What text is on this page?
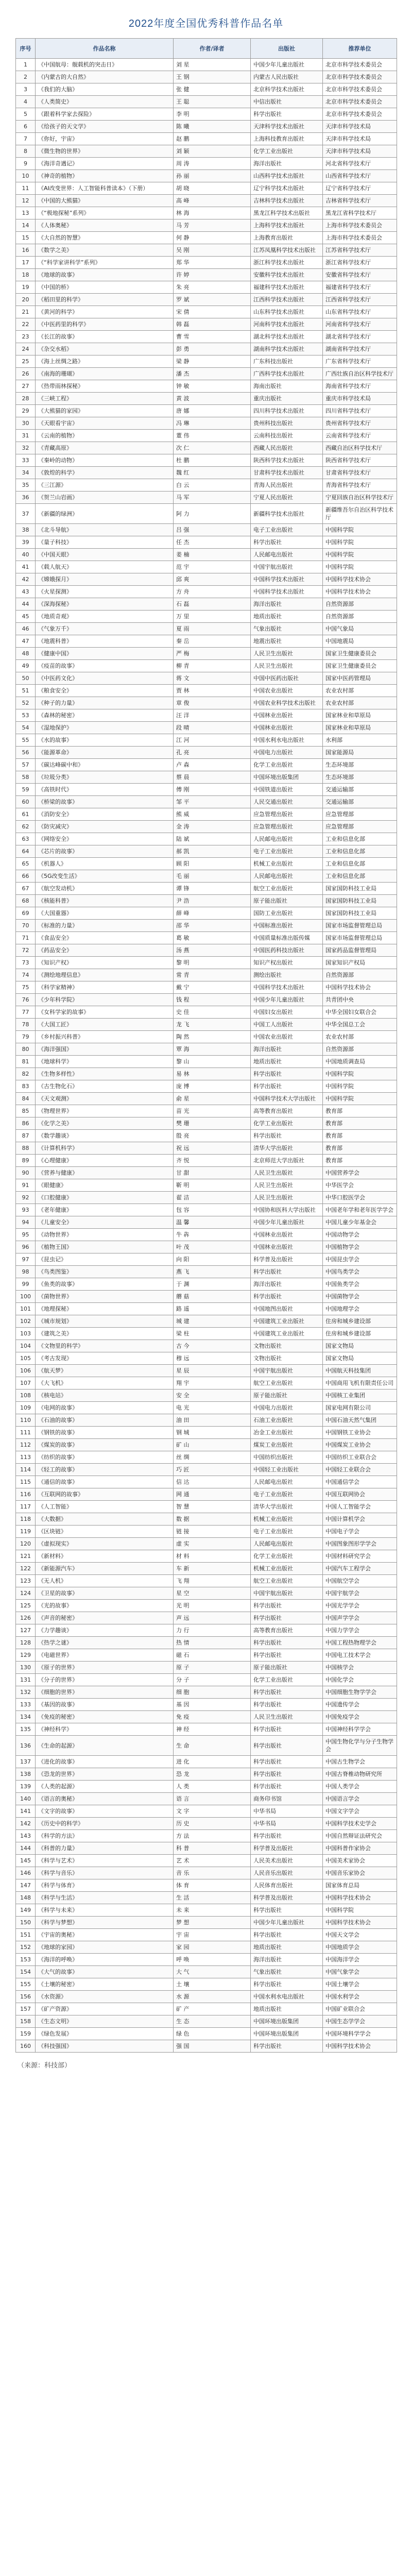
2022年度全国优秀科普作品名单
序号	作品名称	作者/译者	出版社	推荐单位
1	《中国航母：舰载机的突击日》	刘 星	中国少年儿童出版社	北京市科学技术委员会
2	《内蒙古的大自然》	王 钢	内蒙古人民出版社	北京市科学技术委员会
3	《我们的大脑》	张 健	北京科学技术出版社	北京市科学技术委员会
4	《人类简史》	王 聪	中信出版社	北京市科学技术委员会
5	《跟着科学家去探险》	李 明	科学出版社	北京市科学技术委员会
6	《给孩子的天文学》	陈 曦	天津科学技术出版社	天津市科学技术局
7	《你好，宇宙》	赵 鹏	上海科技教育出版社	天津市科学技术局
8	《微生物的世界》	刘 颖	化学工业出版社	天津市科学技术局
9	《海洋奇遇记》	周 涛	海洋出版社	河北省科学技术厅
10	《神奇的植物》	孙 丽	山西科学技术出版社	山西省科学技术厅
11	《AI改变世界：人工智能科普读本》（下册）	胡 晓	辽宁科学技术出版社	辽宁省科学技术厅
12	《中国的大熊猫》	高 峰	吉林科学技术出版社	吉林省科学技术厅
13	《“极地探秘”系列》	林 海	黑龙江科学技术出版社	黑龙江省科学技术厅
14	《人体奥秘》	马 芳	上海科学技术出版社	上海市科学技术委员会
15	《大自然的智慧》	何 静	上海教育出版社	上海市科学技术委员会
16	《数学之美》	吴 刚	江苏凤凰科学技术出版社	江苏省科学技术厅
17	《“科学家讲科学”系列》	郑 华	浙江科学技术出版社	浙江省科学技术厅
18	《地球的故事》	许 婷	安徽科学技术出版社	安徽省科学技术厅
19	《中国的桥》	朱 亮	福建科学技术出版社	福建省科学技术厅
20	《稻田里的科学》	罗 斌	江西科学技术出版社	江西省科学技术厅
21	《黄河的科学》	宋 倩	山东科学技术出版社	山东省科学技术厅
22	《中医药里的科学》	韩 磊	河南科学技术出版社	河南省科学技术厅
23	《长江的故事》	曹 雪	湖北科学技术出版社	湖北省科学技术厅
24	《杂交水稻》	彭 勇	湖南科学技术出版社	湖南省科学技术厅
25	《海上丝绸之路》	梁 静	广东科技出版社	广东省科学技术厅
26	《南海的珊瑚》	潘 杰	广西科学技术出版社	广西壮族自治区科学技术厅
27	《热带雨林探秘》	钟 敏	海南出版社	海南省科学技术厅
28	《三峡工程》	黄 波	重庆出版社	重庆市科学技术局
29	《大熊猫的家园》	唐 娜	四川科学技术出版社	四川省科学技术厅
30	《天眼看宇宙》	冯 琳	贵州科技出版社	贵州省科学技术厅
31	《云南的植物》	董 伟	云南科技出版社	云南省科学技术厅
32	《青藏高原》	次 仁	西藏人民出版社	西藏自治区科学技术厅
33	《秦岭的动物》	杜 鹏	陕西科学技术出版社	陕西省科学技术厅
34	《敦煌的科学》	魏 红	甘肃科学技术出版社	甘肃省科学技术厅
35	《三江源》	白 云	青海人民出版社	青海省科学技术厅
36	《贺兰山岩画》	马 军	宁夏人民出版社	宁夏回族自治区科学技术厅
37	《新疆的绿洲》	阿 力	新疆科学技术出版社	新疆维吾尔自治区科学技术厅
38	《北斗导航》	吕 强	电子工业出版社	中国科学院
39	《量子科技》	任 杰	科学出版社	中国科学院
40	《中国天眼》	姜 楠	人民邮电出版社	中国科学院
41	《载人航天》	范 宇	中国宇航出版社	中国科学院
42	《嫦娥探月》	邱 爽	中国科学技术出版社	中国科学技术协会
43	《火星探测》	方 舟	中国科学技术出版社	中国科学技术协会
44	《深海探秘》	石 磊	海洋出版社	自然资源部
45	《地质奇观》	万 里	地质出版社	自然资源部
46	《气象万千》	夏 雨	气象出版社	中国气象局
47	《地震科普》	秦 岳	地震出版社	中国地震局
48	《健康中国》	严 梅	人民卫生出版社	国家卫生健康委员会
49	《疫苗的故事》	柳 青	人民卫生出版社	国家卫生健康委员会
50	《中医药文化》	蒋 文	中国中医药出版社	国家中医药管理局
51	《粮食安全》	贾 林	中国农业出版社	农业农村部
52	《种子的力量》	章 俊	中国农业科学技术出版社	农业农村部
53	《森林的秘密》	汪 洋	中国林业出版社	国家林业和草原局
54	《湿地保护》	段 晴	中国林业出版社	国家林业和草原局
55	《水的故事》	江 河	中国水利水电出版社	水利部
56	《能源革命》	孔 亮	中国电力出版社	国家能源局
57	《碳达峰碳中和》	卢 森	化学工业出版社	生态环境部
58	《垃圾分类》	蔡 晨	中国环境出版集团	生态环境部
59	《高铁时代》	傅 刚	中国铁道出版社	交通运输部
60	《桥梁的故事》	邹 平	人民交通出版社	交通运输部
61	《消防安全》	熊 威	应急管理出版社	应急管理部
62	《防灾减灾》	金 涛	应急管理出版社	应急管理部
63	《网络安全》	陆 斌	人民邮电出版社	工业和信息化部
64	《芯片的故事》	郝 凯	电子工业出版社	工业和信息化部
65	《机器人》	顾 阳	机械工业出版社	工业和信息化部
66	《5G改变生活》	毛 丽	人民邮电出版社	工业和信息化部
67	《航空发动机》	谭 锋	航空工业出版社	国家国防科技工业局
68	《核能科普》	尹 浩	原子能出版社	国家国防科技工业局
69	《大国重器》	薛 峰	国防工业出版社	国家国防科技工业局
70	《标准的力量》	邵 华	中国标准出版社	国家市场监督管理总局
71	《食品安全》	葛 敏	中国质量标准出版传媒	国家市场监督管理总局
72	《药品安全》	汤 燕	中国医药科技出版社	国家药品监督管理局
73	《知识产权》	黎 明	知识产权出版社	国家知识产权局
74	《测绘地理信息》	常 青	测绘出版社	自然资源部
75	《科学家精神》	戴 宁	中国科学技术出版社	中国科学技术协会
76	《少年科学院》	钱 程	中国少年儿童出版社	共青团中央
77	《女科学家的故事》	史 佳	中国妇女出版社	中华全国妇女联合会
78	《大国工匠》	龙 飞	中国工人出版社	中华全国总工会
79	《乡村振兴科普》	陶 然	中国农业出版社	农业农村部
80	《海洋强国》	覃 海	海洋出版社	自然资源部
81	《地球科学》	黎 山	地质出版社	中国地质调查局
82	《生物多样性》	易 林	科学出版社	中国科学院
83	《古生物化石》	庞 博	科学出版社	中国科学院
84	《天文观测》	俞 星	中国科学技术大学出版社	中国科学院
85	《物理世界》	苗 光	高等教育出版社	教育部
86	《化学之美》	樊 珊	化学工业出版社	教育部
87	《数学趣谈》	殷 亮	科学出版社	教育部
88	《计算机科学》	祝 远	清华大学出版社	教育部
89	《心理健康》	齐 悦	北京师范大学出版社	教育部
90	《营养与健康》	甘 甜	人民卫生出版社	中国营养学会
91	《眼健康》	靳 明	人民卫生出版社	中华医学会
92	《口腔健康》	翟 洁	人民卫生出版社	中华口腔医学会
93	《老年健康》	包 容	中国协和医科大学出版社	中国老年学和老年医学学会
94	《儿童安全》	温 馨	中国少年儿童出版社	中国儿童少年基金会
95	《动物世界》	牛 犇	中国林业出版社	中国动物学会
96	《植物王国》	叶 茂	中国林业出版社	中国植物学会
97	《昆虫记》	向 阳	科学普及出版社	中国昆虫学会
98	《鸟类图鉴》	燕 飞	科学出版社	中国鸟类学会
99	《鱼类的故事》	于 渊	海洋出版社	中国鱼类学会
100	《菌物世界》	蘑 菇	科学出版社	中国菌物学会
101	《地理探秘》	路 遥	中国地图出版社	中国地理学会
102	《城市规划》	城 建	中国建筑工业出版社	住房和城乡建设部
103	《建筑之美》	梁 柱	中国建筑工业出版社	住房和城乡建设部
104	《文物里的科学》	古 今	文物出版社	国家文物局
105	《考古发现》	穆 远	文物出版社	国家文物局
106	《航天梦》	星 辰	中国宇航出版社	中国航天科技集团
107	《大飞机》	翔 宇	航空工业出版社	中国商用飞机有限责任公司
108	《核电站》	安 全	原子能出版社	中国核工业集团
109	《电网的故事》	电 光	中国电力出版社	国家电网有限公司
110	《石油的故事》	油 田	石油工业出版社	中国石油天然气集团
111	《钢铁的故事》	钢 城	冶金工业出版社	中国钢铁工业协会
112	《煤炭的故事》	矿 山	煤炭工业出版社	中国煤炭工业协会
113	《纺织的故事》	丝 绸	中国纺织出版社	中国纺织工业联合会
114	《轻工的故事》	巧 匠	中国轻工业出版社	中国轻工业联合会
115	《通信的故事》	信 达	人民邮电出版社	中国通信学会
116	《互联网的故事》	网 通	电子工业出版社	中国互联网协会
117	《人工智能》	智 慧	清华大学出版社	中国人工智能学会
118	《大数据》	数 据	机械工业出版社	中国计算机学会
119	《区块链》	链 接	电子工业出版社	中国电子学会
120	《虚拟现实》	虚 实	人民邮电出版社	中国图象图形学学会
121	《新材料》	材 料	化学工业出版社	中国材料研究学会
122	《新能源汽车》	车 新	机械工业出版社	中国汽车工程学会
123	《无人机》	飞 翔	航空工业出版社	中国航空学会
124	《卫星的故事》	星 空	中国宇航出版社	中国宇航学会
125	《光的故事》	光 明	科学出版社	中国光学学会
126	《声音的秘密》	声 远	科学出版社	中国声学学会
127	《力学趣谈》	力 行	高等教育出版社	中国力学学会
128	《热学之谜》	热 情	科学出版社	中国工程热物理学会
129	《电磁世界》	磁 石	科学出版社	中国电工技术学会
130	《原子的世界》	原 子	原子能出版社	中国核学会
131	《分子的世界》	分 子	化学工业出版社	中国化学会
132	《细胞的世界》	细 胞	科学出版社	中国细胞生物学学会
133	《基因的故事》	基 因	科学出版社	中国遗传学会
134	《免疫的秘密》	免 疫	人民卫生出版社	中国免疫学会
135	《神经科学》	神 经	科学出版社	中国神经科学学会
136	《生命的起源》	生 命	科学出版社	中国生物化学与分子生物学会
137	《进化的故事》	进 化	科学出版社	中国古生物学会
138	《恐龙的世界》	恐 龙	科学出版社	中国古脊椎动物研究所
139	《人类的起源》	人 类	科学出版社	中国人类学会
140	《语言的奥秘》	语 言	商务印书馆	中国语言学会
141	《文字的故事》	文 字	中华书局	中国文字学会
142	《历史中的科学》	历 史	中华书局	中国科学技术史学会
143	《科学的方法》	方 法	科学出版社	中国自然辩证法研究会
144	《科普的力量》	科 普	科学普及出版社	中国科普作家协会
145	《科学与艺术》	艺 术	人民美术出版社	中国美术家协会
146	《科学与音乐》	音 乐	人民音乐出版社	中国音乐家协会
147	《科学与体育》	体 育	人民体育出版社	国家体育总局
148	《科学与生活》	生 活	科学普及出版社	中国科学技术协会
149	《科学与未来》	未 来	科学出版社	中国科学院
150	《科学与梦想》	梦 想	中国少年儿童出版社	中国科学技术协会
151	《宇宙的奥秘》	宇 宙	科学出版社	中国天文学会
152	《地球的家园》	家 园	地质出版社	中国地质学会
153	《海洋的呼唤》	呼 唤	海洋出版社	中国海洋学会
154	《大气的故事》	大 气	气象出版社	中国气象学会
155	《土壤的秘密》	土 壤	科学出版社	中国土壤学会
156	《水资源》	水 源	中国水利水电出版社	中国水利学会
157	《矿产资源》	矿 产	地质出版社	中国矿业联合会
158	《生态文明》	生 态	中国环境出版集团	中国生态学学会
159	《绿色发展》	绿 色	中国环境出版集团	中国环境科学学会
160	《科技强国》	强 国	科学出版社	中国科学技术协会
（来源：科技部）
